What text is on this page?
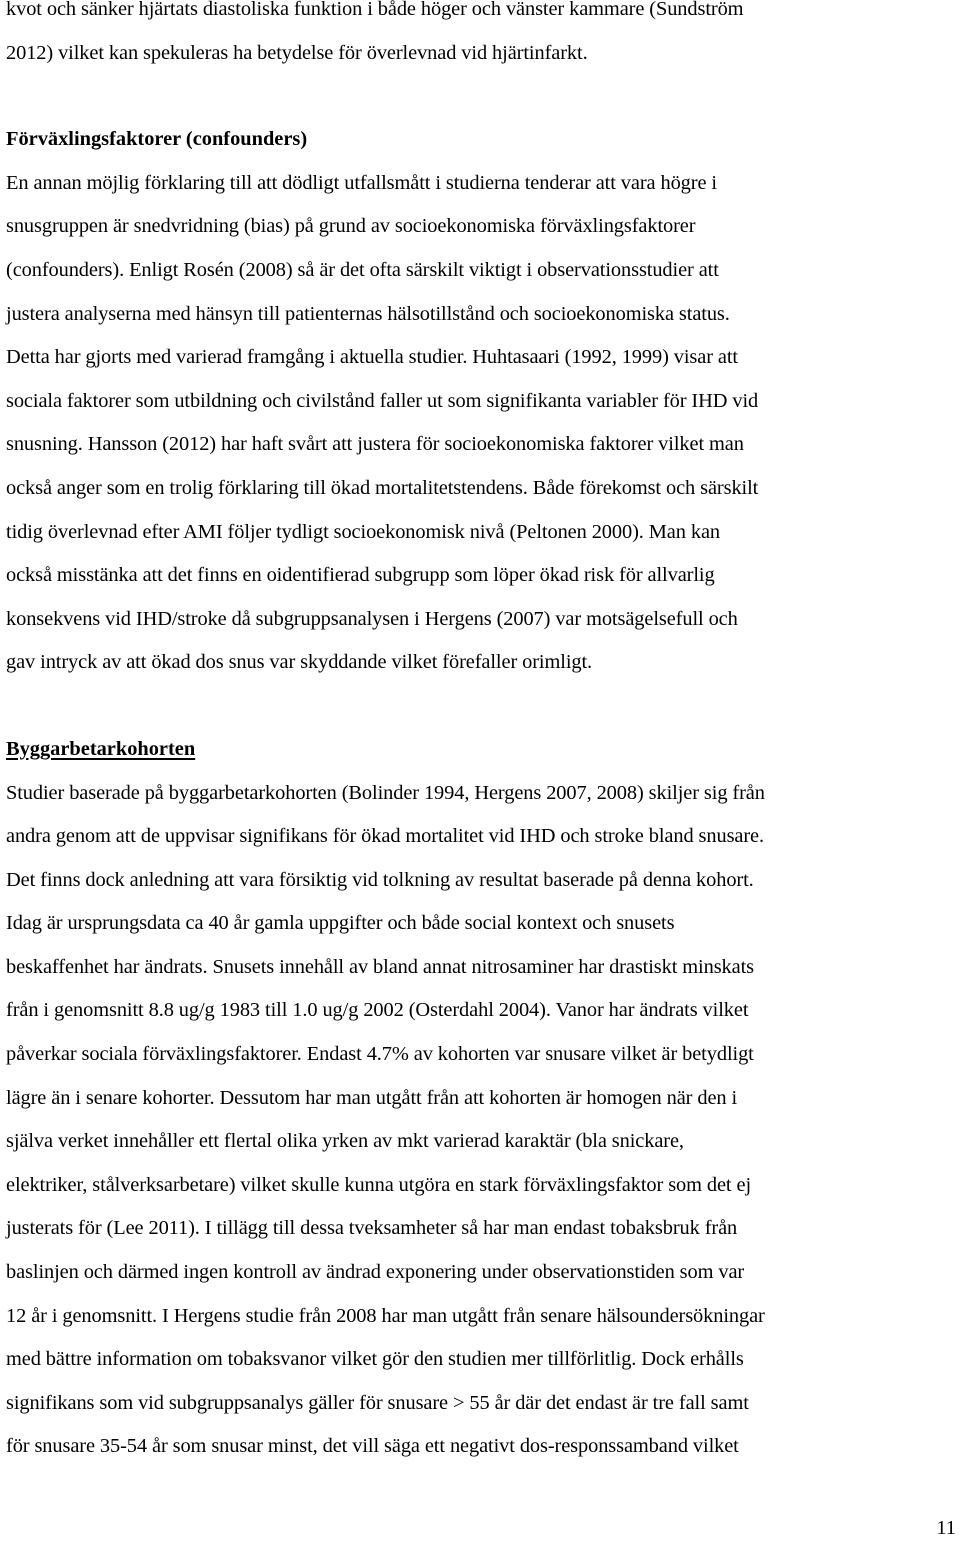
kvot och sänker hjärtats diastoliska funktion i både höger och vänster kammare (Sundström
2012) vilket kan spekuleras ha betydelse för överlevnad vid hjärtinfarkt.
Förväxlingsfaktorer (confounders)
En annan möjlig förklaring till att dödligt utfallsmått i studierna tenderar att vara högre i
snusgruppen är snedvridning (bias) på grund av socioekonomiska förväxlingsfaktorer
(confounders). Enligt Rosén (2008) så är det ofta särskilt viktigt i observationsstudier att
justera analyserna med hänsyn till patienternas hälsotillstånd och socioekonomiska status.
Detta har gjorts med varierad framgång i aktuella studier. Huhtasaari (1992, 1999) visar att
sociala faktorer som utbildning och civilstånd faller ut som signifikanta variabler för IHD vid
snusning. Hansson (2012) har haft svårt att justera för socioekonomiska faktorer vilket man
också anger som en trolig förklaring till ökad mortalitetstendens. Både förekomst och särskilt
tidig överlevnad efter AMI följer tydligt socioekonomisk nivå (Peltonen 2000). Man kan
också misstänka att det finns en oidentifierad subgrupp som löper ökad risk för allvarlig
konsekvens vid IHD/stroke då subgruppsanalysen i Hergens (2007) var motsägelsefull och
gav intryck av att ökad dos snus var skyddande vilket förefaller orimligt.
Byggarbetarkohorten
Studier baserade på byggarbetarkohorten (Bolinder 1994, Hergens 2007, 2008) skiljer sig från
andra genom att de uppvisar signifikans för ökad mortalitet vid IHD och stroke bland snusare.
Det finns dock anledning att vara försiktig vid tolkning av resultat baserade på denna kohort.
Idag är ursprungsdata ca 40 år gamla uppgifter och både social kontext och snusets
beskaffenhet har ändrats. Snusets innehåll av bland annat nitrosaminer har drastiskt minskats
från i genomsnitt 8.8 ug/g 1983 till 1.0 ug/g 2002 (Osterdahl 2004). Vanor har ändrats vilket
påverkar sociala förväxlingsfaktorer. Endast 4.7% av kohorten var snusare vilket är betydligt
lägre än i senare kohorter. Dessutom har man utgått från att kohorten är homogen när den i
själva verket innehåller ett flertal olika yrken av mkt varierad karaktär (bla snickare,
elektriker, stålverksarbetare) vilket skulle kunna utgöra en stark förväxlingsfaktor som det ej
justerats för (Lee 2011). I tillägg till dessa tveksamheter så har man endast tobaksbruk från
baslinjen och därmed ingen kontroll av ändrad exponering under observationstiden som var
12 år i genomsnitt. I Hergens studie från 2008 har man utgått från senare hälsoundersökningar
med bättre information om tobaksvanor vilket gör den studien mer tillförlitlig. Dock erhålls
signifikans som vid subgruppsanalys gäller för snusare > 55 år där det endast är tre fall samt
för snusare 35-54 år som snusar minst, det vill säga ett negativt dos-responssamband vilket
11
